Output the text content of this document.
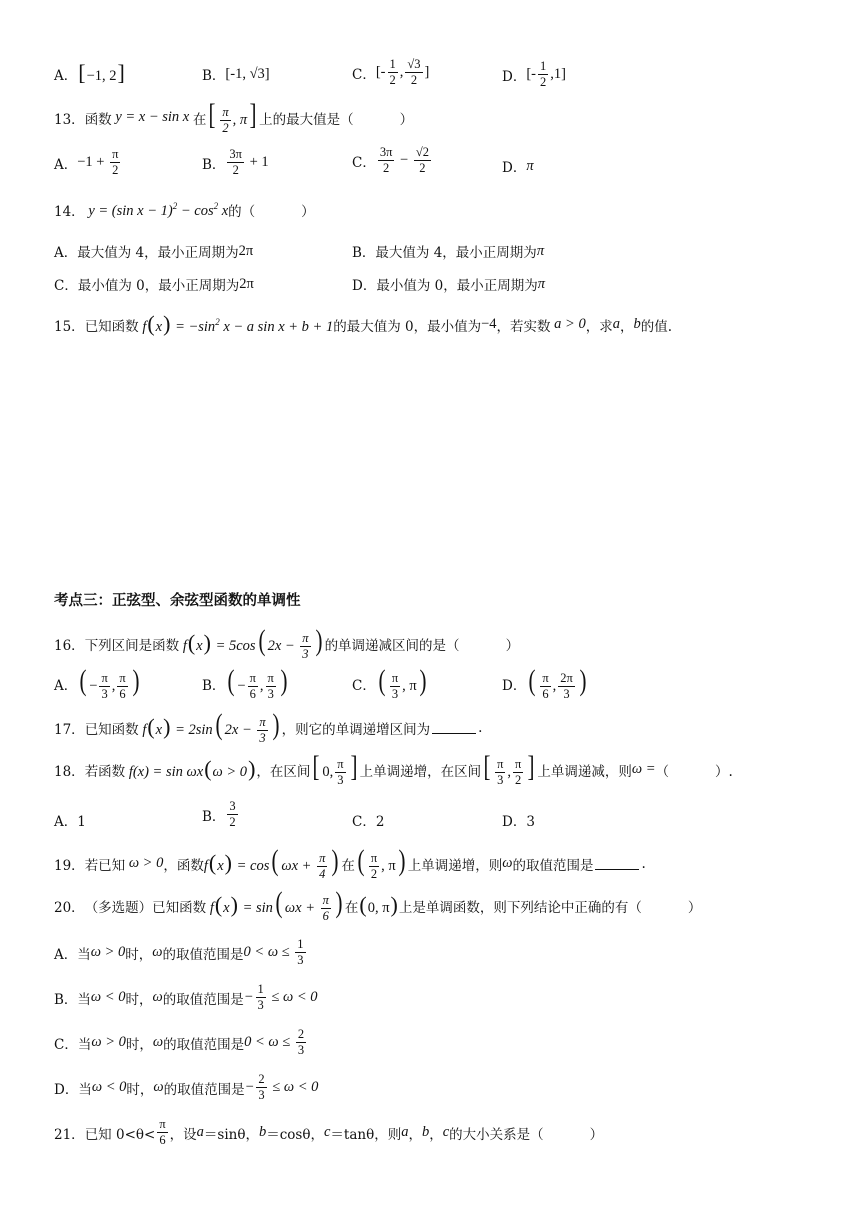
A． [−1, 2]	B． [-1, √3]	C． [- $\frac{1}{2}$ , $\frac{√3}{2}$ ]	D． [- $\frac{1}{2} ,1$]
13． 函数 y = x − sin x 在 [ $\frac{\pi}{2}$ , π] 上的最大值是（	）
A． $-1 + \frac{\pi}{2}$	B． $\frac{3\pi}{2} + 1$	C． $\frac{3\pi}{2} - \frac{√2}{2}$	D． π
14． y = (sin $x - 1)^2 - \cos^2 x$ 的（	）
A．最大值为 4，最小正周期为 2π	B．最大值为 4，最小正周期为 π
C．最小值为 0，最小正周期为 2π	D．最小值为 0，最小正周期为 π
15． 已知函数 $f(x) = -\sin^2$ x − a sin x + b + 1 的最大值为 0，最小值为 −4 ，若实数 a > 0 ，求 a ， b 的值.
考点三：正弦型、余弦型函数的单调性
16． 下列区间是函数 f(x) = 5cos( $2x - \frac{\pi}{3}$ ) 的单调递减区间的是（	）
A． ( − $\frac{\pi}{3}$ , $\frac{\pi}{6}$ )	B． ( − $\frac{\pi}{6}$ , $\frac{\pi}{3}$ )	C． ( $\frac{\pi}{3}$ , π)	D． ( $\frac{\pi}{6}$ , $\frac{2\pi}{3}$ )
17． 已知函数 f(x) = 2sin( $2x - \frac{\pi}{3}$ ) ，则它的单调递增区间为	.
18． 若函数 f(x) = sin ωx(ω > 0) ，在区间 [ 0, $\frac{\pi}{3}$ ] 上单调递增，在区间 [ $\frac{\pi}{3}$ , $\frac{\pi}{2}$ ] 上单调递减，则 ω = （	）.
A．1	B． $\frac{3}{2}$	C．2	D．3
19． 若已知 ω > 0 ，函数 f(x) = cos( $\omega x + \frac{\pi}{4}$ ) 在 ( $\frac{\pi}{2}$ , π) 上单调递增，则 ω 的取值范围是	.
20． （多选题）已知函数 f(x) = sin( $\omega x + \frac{\pi}{6}$ ) 在 (0, π) 上是单调函数，则下列结论中正确的有（	）
A．当 ω > 0 时， ω 的取值范围是 $0 < \omega \le \frac{1}{3}$
B．当 ω < 0 时， ω 的取值范围是 − $\frac{1}{3} \le \omega < 0$
C．当 ω > 0 时， ω 的取值范围是 $0 < \omega \le \frac{2}{3}$
D．当 ω < 0 时， ω 的取值范围是 − $\frac{2}{3} \le \omega < 0$
21． 已知 $0<\theta< \frac{\pi}{6}$ ，设 a ＝sinθ ， b ＝cosθ ， c ＝tanθ ，则 a ， b ， c 的大小关系是（	）
